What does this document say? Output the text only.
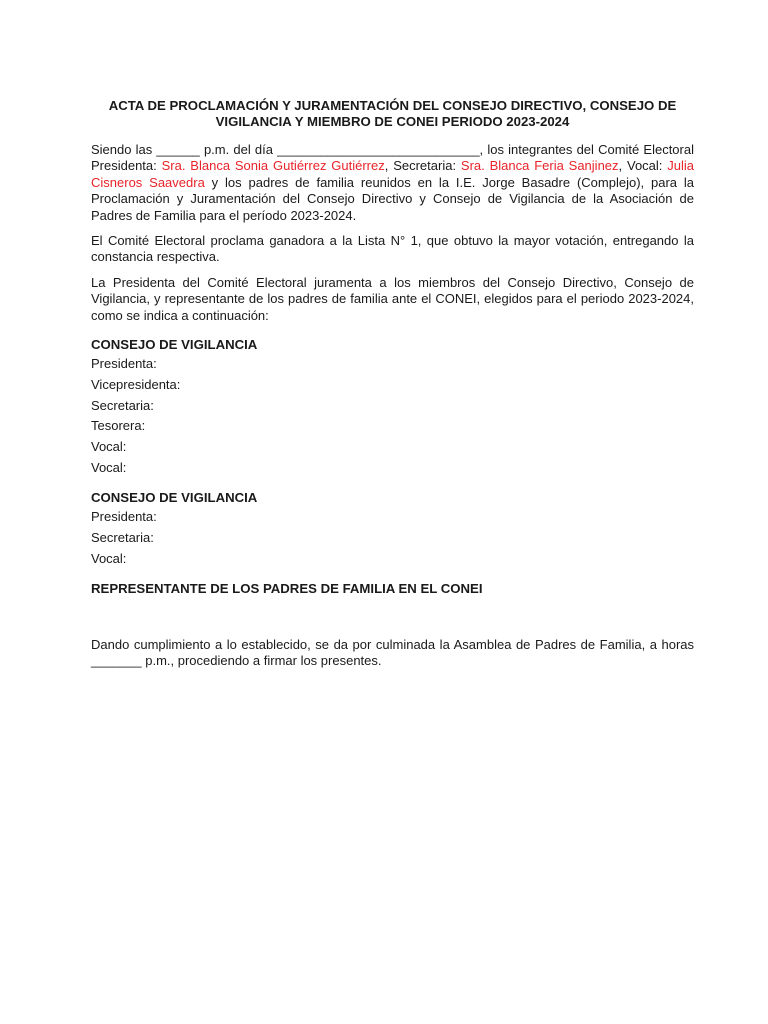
ACTA DE PROCLAMACIÓN Y JURAMENTACIÓN DEL CONSEJO DIRECTIVO, CONSEJO DE VIGILANCIA Y MIEMBRO DE CONEI PERIODO 2023-2024

Siendo las ______ p.m. del día ____________________________, los integrantes del Comité Electoral Presidenta: Sra. Blanca Sonia Gutiérrez Gutiérrez, Secretaria: Sra. Blanca Feria Sanjinez, Vocal: Julia Cisneros Saavedra y los padres de familia reunidos en la I.E. Jorge Basadre (Complejo), para la Proclamación y Juramentación del Consejo Directivo y Consejo de Vigilancia de la Asociación de Padres de Familia para el período 2023-2024.

El Comité Electoral proclama ganadora a la Lista N° 1, que obtuvo la mayor votación, entregando la constancia respectiva.

La Presidenta del Comité Electoral juramenta a los miembros del Consejo Directivo, Consejo de Vigilancia, y representante de los padres de familia ante el CONEI, elegidos para el periodo 2023-2024, como se indica a continuación:

CONSEJO DE VIGILANCIA
Presidenta:
Vicepresidenta:
Secretaria:
Tesorera:
Vocal:
Vocal:
CONSEJO DE VIGILANCIA
Presidenta:
Secretaria:
Vocal:
REPRESENTANTE DE LOS PADRES DE FAMILIA EN EL CONEI

Dando cumplimiento a lo establecido, se da por culminada la Asamblea de Padres de Familia, a horas _______ p.m., procediendo a firmar los presentes.
